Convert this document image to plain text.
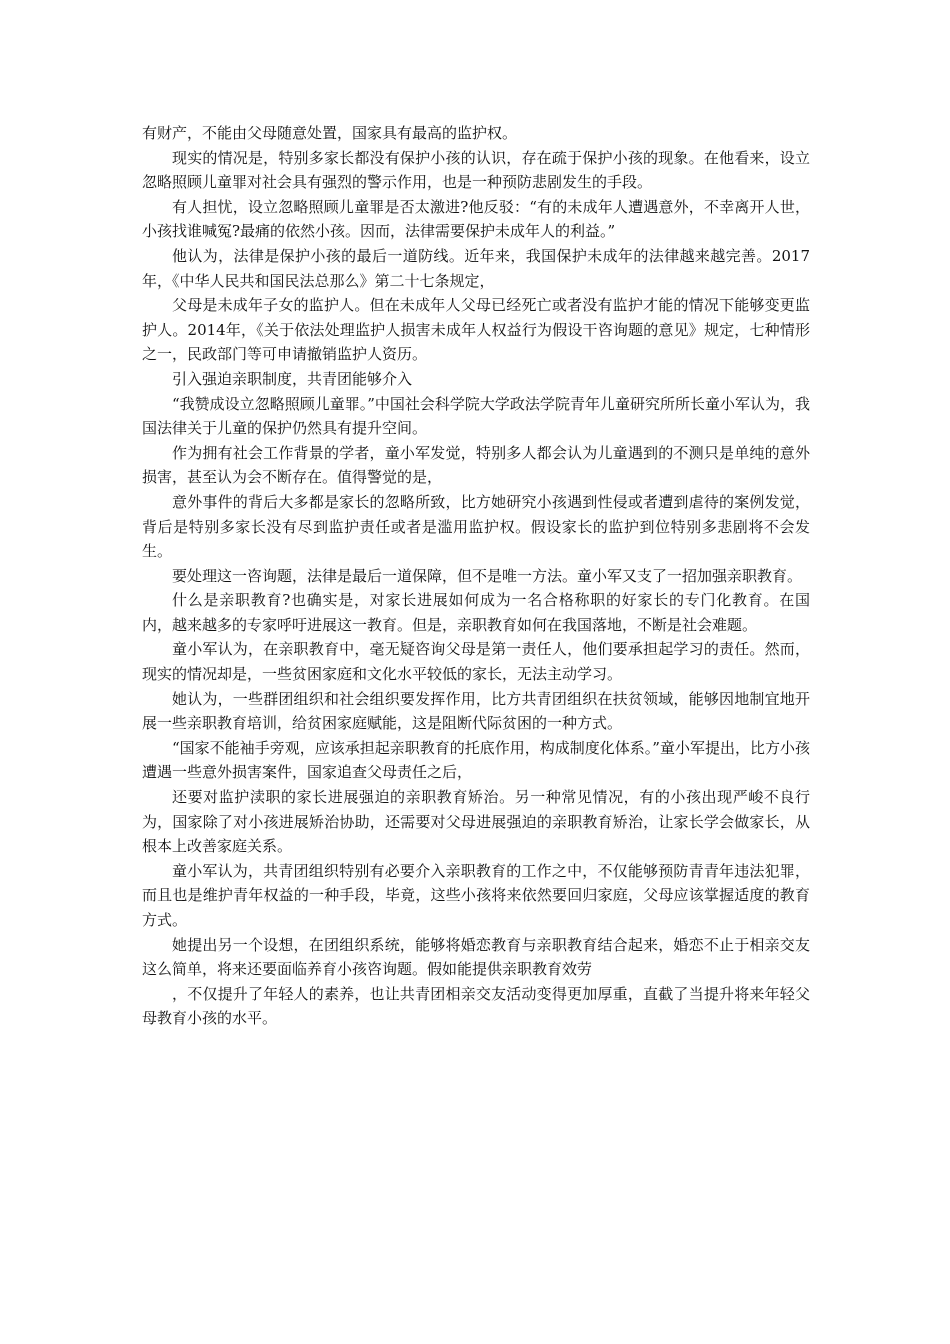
有财产，不能由父母随意处置，国家具有最高的监护权。

现实的情况是，特别多家长都没有保护小孩的认识，存在疏于保护小孩的现象。在他看来，设立忽略照顾儿童罪对社会具有强烈的警示作用，也是一种预防悲剧发生的手段。

有人担忧，设立忽略照顾儿童罪是否太激进?他反驳：“有的未成年人遭遇意外，不幸离开人世，小孩找谁喊冤?最痛的依然小孩。因而，法律需要保护未成年人的利益。”

他认为，法律是保护小孩的最后一道防线。近年来，我国保护未成年的法律越来越完善。2017年，《中华人民共和国民法总那么》第二十七条规定，

父母是未成年子女的监护人。但在未成年人父母已经死亡或者没有监护才能的情况下能够变更监护人。2014年，《关于依法处理监护人损害未成年人权益行为假设干咨询题的意见》规定，七种情形之一，民政部门等可申请撤销监护人资历。

引入强迫亲职制度，共青团能够介入

“我赞成设立忽略照顾儿童罪。”中国社会科学院大学政法学院青年儿童研究所所长童小军认为，我国法律关于儿童的保护仍然具有提升空间。

作为拥有社会工作背景的学者，童小军发觉，特别多人都会认为儿童遇到的不测只是单纯的意外损害，甚至认为会不断存在。值得警觉的是，

意外事件的背后大多都是家长的忽略所致，比方她研究小孩遇到性侵或者遭到虐待的案例发觉，背后是特别多家长没有尽到监护责任或者是滥用监护权。假设家长的监护到位特别多悲剧将不会发生。

要处理这一咨询题，法律是最后一道保障，但不是唯一方法。童小军又支了一招加强亲职教育。

什么是亲职教育?也确实是，对家长进展如何成为一名合格称职的好家长的专门化教育。在国内，越来越多的专家呼吁进展这一教育。但是，亲职教育如何在我国落地，不断是社会难题。

童小军认为，在亲职教育中，毫无疑咨询父母是第一责任人，他们要承担起学习的责任。然而，现实的情况却是，一些贫困家庭和文化水平较低的家长，无法主动学习。

她认为，一些群团组织和社会组织要发挥作用，比方共青团组织在扶贫领域，能够因地制宜地开展一些亲职教育培训，给贫困家庭赋能，这是阻断代际贫困的一种方式。

“国家不能袖手旁观，应该承担起亲职教育的托底作用，构成制度化体系。”童小军提出，比方小孩遭遇一些意外损害案件，国家追查父母责任之后，

还要对监护渎职的家长进展强迫的亲职教育矫治。另一种常见情况，有的小孩出现严峻不良行为，国家除了对小孩进展矫治协助，还需要对父母进展强迫的亲职教育矫治，让家长学会做家长，从根本上改善家庭关系。

童小军认为，共青团组织特别有必要介入亲职教育的工作之中，不仅能够预防青青年违法犯罪，而且也是维护青年权益的一种手段，毕竟，这些小孩将来依然要回归家庭，父母应该掌握适度的教育方式。

她提出另一个设想，在团组织系统，能够将婚恋教育与亲职教育结合起来，婚恋不止于相亲交友这么简单，将来还要面临养育小孩咨询题。假如能提供亲职教育效劳

，不仅提升了年轻人的素养，也让共青团相亲交友活动变得更加厚重，直截了当提升将来年轻父母教育小孩的水平。
